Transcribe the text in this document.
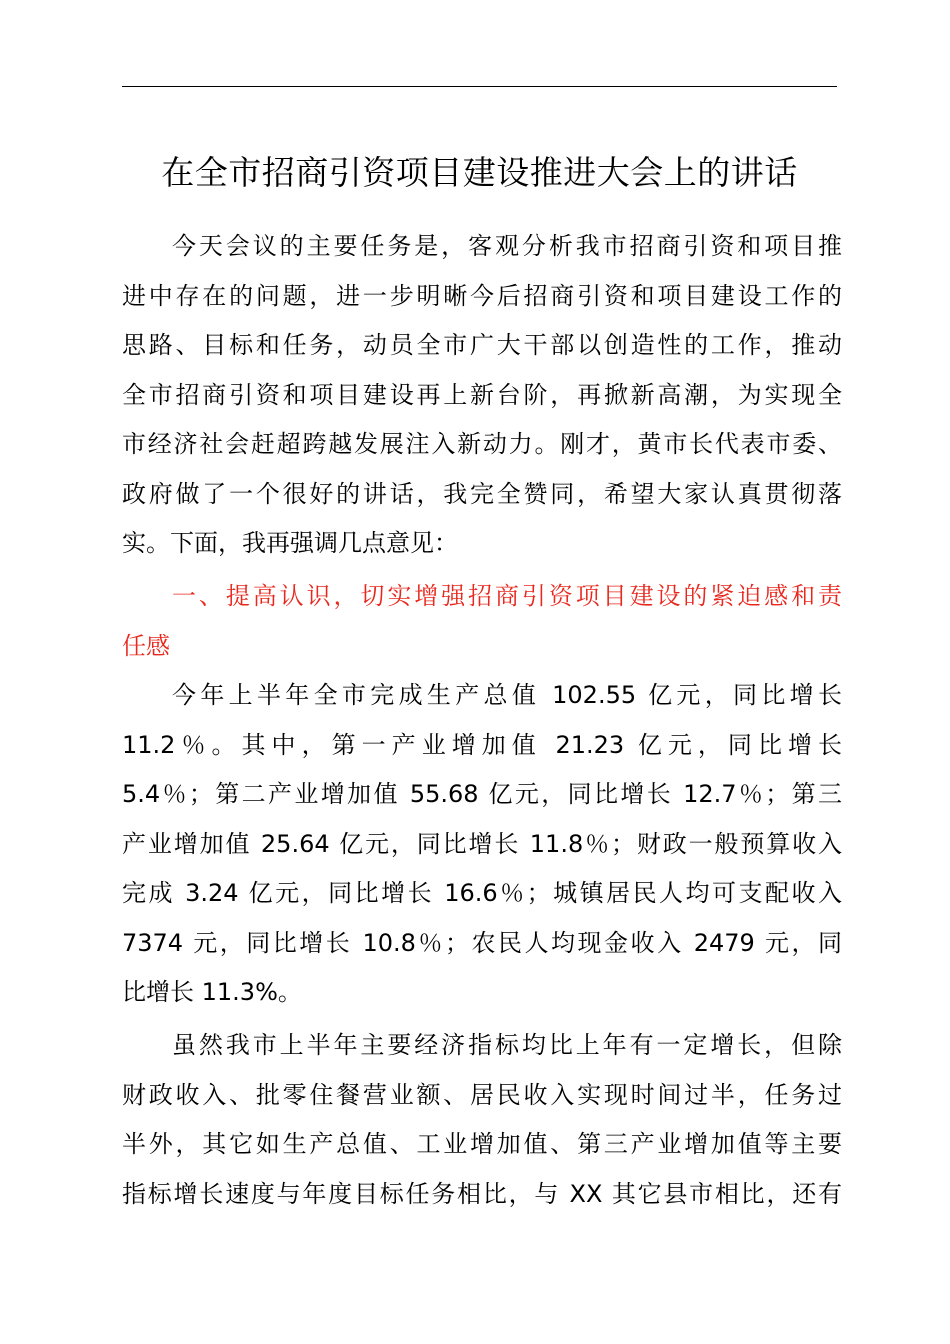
在全市招商引资项目建设推进大会上的讲话
今天会议的主要任务是，客观分析我市招商引资和项目推
进中存在的问题，进一步明晰今后招商引资和项目建设工作的
思路、目标和任务，动员全市广大干部以创造性的工作，推动
全市招商引资和项目建设再上新台阶，再掀新高潮，为实现全
市经济社会赶超跨越发展注入新动力。刚才，黄市长代表市委、
政府做了一个很好的讲话，我完全赞同，希望大家认真贯彻落
实。下面，我再强调几点意见：
一、提高认识，切实增强招商引资项目建设的紧迫感和责
任感
今年上半年全市完成生产总值 102.55 亿元，同比增长
11.2％。其中，第一产业增加值 21.23 亿元，同比增长
5.4％；第二产业增加值 55.68 亿元，同比增长 12.7％；第三
产业增加值 25.64 亿元，同比增长 11.8％；财政一般预算收入
完成 3.24 亿元，同比增长 16.6％；城镇居民人均可支配收入
7374 元，同比增长 10.8％；农民人均现金收入 2479 元，同
比增长 11.3%。
虽然我市上半年主要经济指标均比上年有一定增长，但除
财政收入、批零住餐营业额、居民收入实现时间过半，任务过
半外，其它如生产总值、工业增加值、第三产业增加值等主要
指标增长速度与年度目标任务相比，与 XX 其它县市相比，还有
